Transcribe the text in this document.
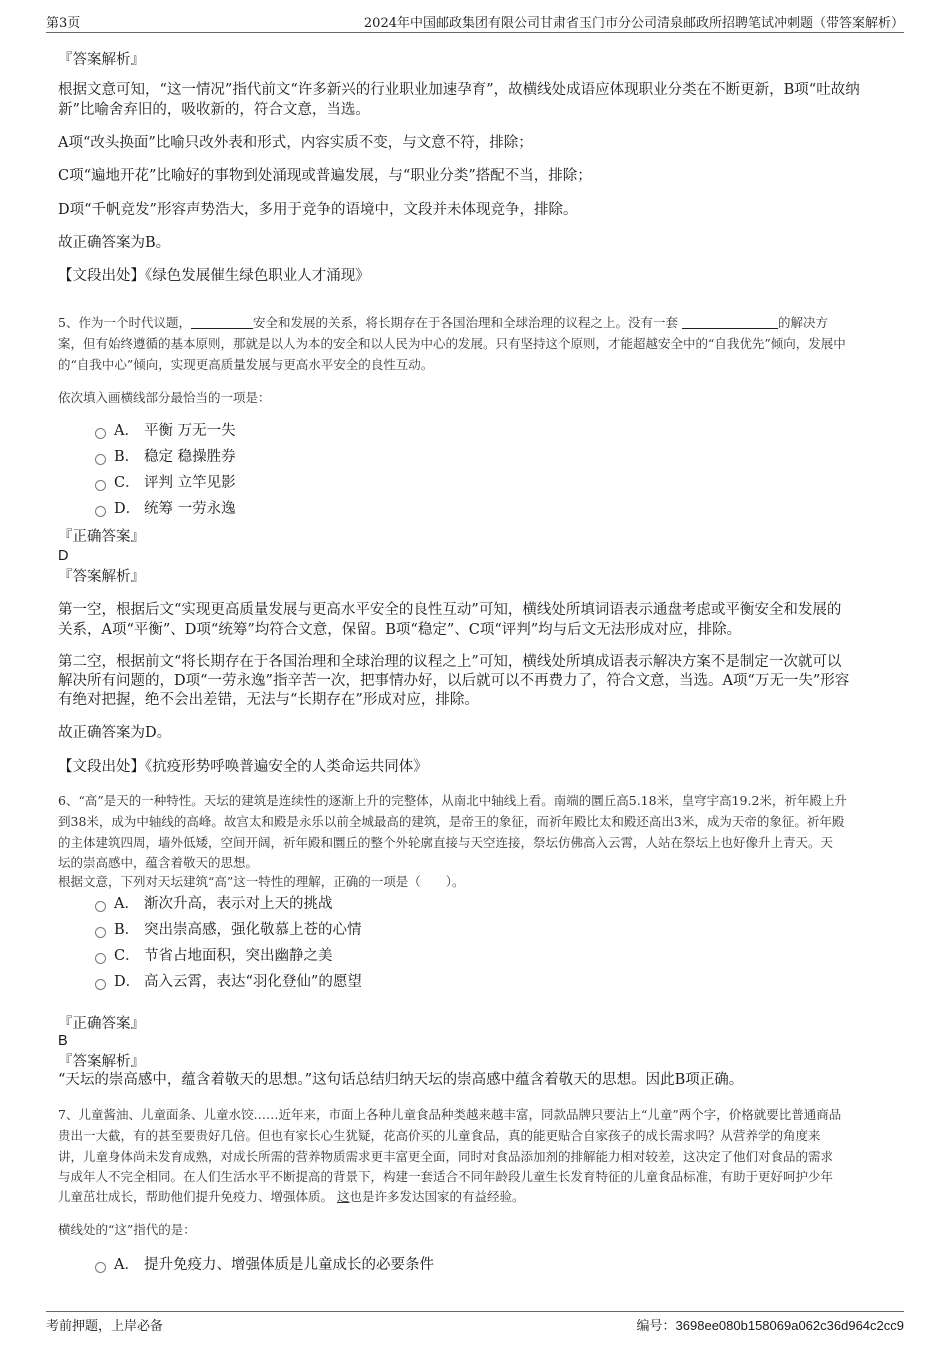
第3页	2024年中国邮政集团有限公司甘肃省玉门市分公司清泉邮政所招聘笔试冲刺题（带答案解析）
『答案解析』
根据文意可知，“这一情况”指代前文“许多新兴的行业职业加速孕育”，故横线处成语应体现职业分类在不断更新，B项“吐故纳
新”比喻舍弃旧的，吸收新的，符合文意，当选。
A项“改头换面”比喻只改外表和形式，内容实质不变，与文意不符，排除；
C项“遍地开花”比喻好的事物到处涌现或普遍发展，与“职业分类”搭配不当，排除；
D项“千帆竞发”形容声势浩大，多用于竞争的语境中，文段并未体现竞争，排除。
故正确答案为B。
【文段出处】《绿色发展催生绿色职业人才涌现》
5、作为一个时代议题，	安全和发展的关系，将长期存在于各国治理和全球治理的议程之上。没有一套	的解决方
案，但有始终遵循的基本原则，那就是以人为本的安全和以人民为中心的发展。只有坚持这个原则，才能超越安全中的“自我优先”倾向，发展中
的“自我中心”倾向，实现更高质量发展与更高水平安全的良性互动。
依次填入画横线部分最恰当的一项是：
A． 平衡 万无一失
B． 稳定 稳操胜券
C． 评判 立竿见影
D． 统筹 一劳永逸
『正确答案』
D
『答案解析』
第一空，根据后文“实现更高质量发展与更高水平安全的良性互动”可知，横线处所填词语表示通盘考虑或平衡安全和发展的
关系，A项“平衡”、D项“统筹”均符合文意，保留。B项“稳定”、C项“评判”均与后文无法形成对应，排除。
第二空，根据前文“将长期存在于各国治理和全球治理的议程之上”可知，横线处所填成语表示解决方案不是制定一次就可以
解决所有问题的，D项“一劳永逸”指辛苦一次，把事情办好，以后就可以不再费力了，符合文意，当选。A项“万无一失”形容
有绝对把握，绝不会出差错，无法与“长期存在”形成对应，排除。
故正确答案为D。
【文段出处】《抗疫形势呼唤普遍安全的人类命运共同体》
6、“高”是天的一种特性。天坛的建筑是连续性的逐渐上升的完整体，从南北中轴线上看。南端的圜丘高5.18米，皇穹宇高19.2米，祈年殿上升
到38米，成为中轴线的高峰。故宫太和殿是永乐以前全城最高的建筑，是帝王的象征，而祈年殿比太和殿还高出3米，成为天帝的象征。祈年殿
的主体建筑四周，墙外低矮，空间开阔，祈年殿和圜丘的整个外轮廓直接与天空连接，祭坛仿佛高入云霄，人站在祭坛上也好像升上青天。天
坛的崇高感中，蕴含着敬天的思想。
根据文意，下列对天坛建筑“高”这一特性的理解，正确的一项是（　　）。
A． 渐次升高，表示对上天的挑战
B． 突出崇高感，强化敬慕上苍的心情
C． 节省占地面积，突出幽静之美
D． 高入云霄，表达“羽化登仙”的愿望
『正确答案』
B
『答案解析』
“天坛的崇高感中，蕴含着敬天的思想。”这句话总结归纳天坛的崇高感中蕴含着敬天的思想。因此B项正确。
7、儿童酱油、儿童面条、儿童水饺……近年来，市面上各种儿童食品种类越来越丰富，同款品牌只要沾上“儿童”两个字，价格就要比普通商品
贵出一大截，有的甚至要贵好几倍。但也有家长心生犹疑，花高价买的儿童食品，真的能更贴合自家孩子的成长需求吗？从营养学的角度来
讲，儿童身体尚未发育成熟，对成长所需的营养物质需求更丰富更全面，同时对食品添加剂的排解能力相对较差，这决定了他们对食品的需求
与成年人不完全相同。在人们生活水平不断提高的背景下，构建一套适合不同年龄段儿童生长发育特征的儿童食品标准，有助于更好呵护少年
儿童茁壮成长，帮助他们提升免疫力、增强体质。 这也是许多发达国家的有益经验。
横线处的“这”指代的是：
A． 提升免疫力、增强体质是儿童成长的必要条件
考前押题，上岸必备	编号：3698ee080b158069a062c36d964c2cc9
